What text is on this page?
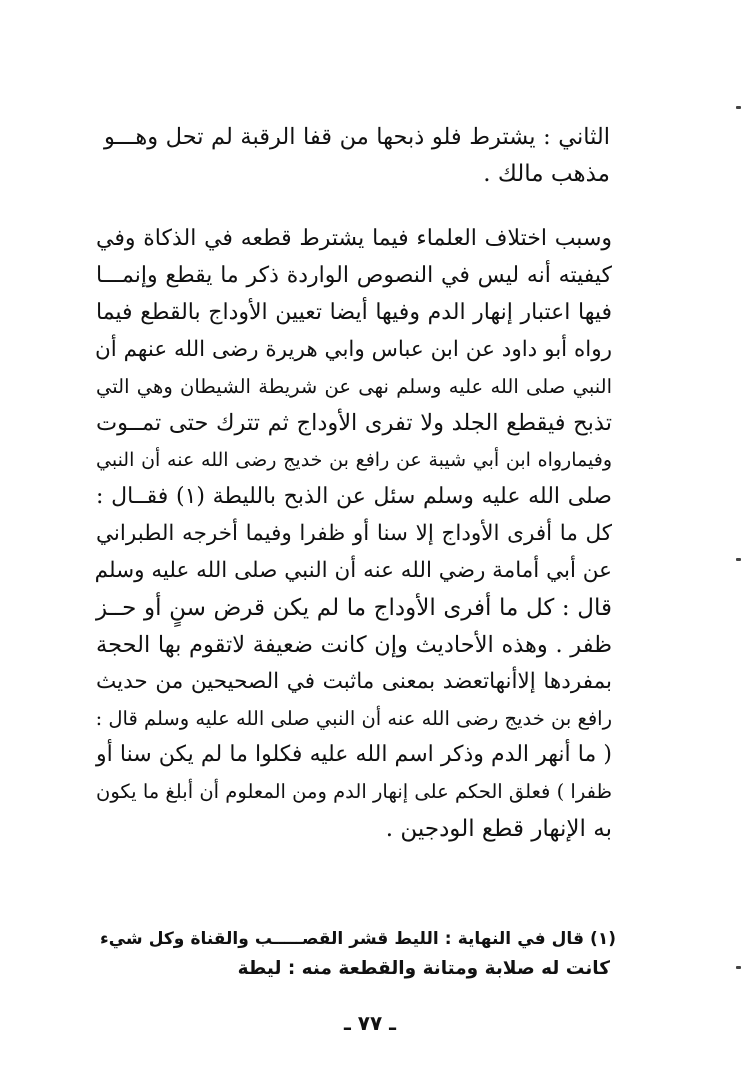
الثاني : يشترط فلو ذبحها من قفا الرقبة لم تحل وهـــو
مذهب مالك .
وسبب اختلاف العلماء فيما يشترط قطعه في الذكاة وفي
كيفيته أنه ليس في النصوص الواردة ذكر ما يقطع وإنمـــا
فيها اعتبار إنهار الدم وفيها أيضا تعيين الأوداج بالقطع فيما
رواه أبو داود عن ابن عباس وابي هريرة رضى الله عنهم أن
النبي صلى الله عليه وسلم نهى عن شريطة الشيطان وهي التي
تذبح فيقطع الجلد ولا تفرى الأوداج ثم تترك حتى تمــوت
وفيمارواه ابن أبي شيبة عن رافع بن خديج رضى الله عنه أن النبي
صلى الله عليه وسلم سئل عن الذبح بالليطة (١) فقــال :
كل ما أفرى الأوداج إلا سنا أو ظفرا وفيما أخرجه الطبراني
عن أبي أمامة رضي الله عنه أن النبي صلى الله عليه وسلم
قال : كل ما أفرى الأوداج ما لم يكن قرض سنٍ أو حــز
ظفر . وهذه الأحاديث وإن كانت ضعيفة لاتقوم بها الحجة
بمفردها إلاأنهاتعضد بمعنى ماثبت في الصحيحين من حديث
رافع بن خديج رضى الله عنه أن النبي صلى الله عليه وسلم قال :
( ما أنهر الدم وذكر اسم الله عليه فكلوا ما لم يكن سنا أو
ظفرا ) فعلق الحكم على إنهار الدم ومن المعلوم أن أبلغ ما يكون
به الإنهار قطع الودجين .
(١) قال في النهاية : الليط قشر القصـــــب والقناة وكل شيء
كانت له صلابة ومتانة والقطعة منه : ليطة
ـ ٧٧ ـ
